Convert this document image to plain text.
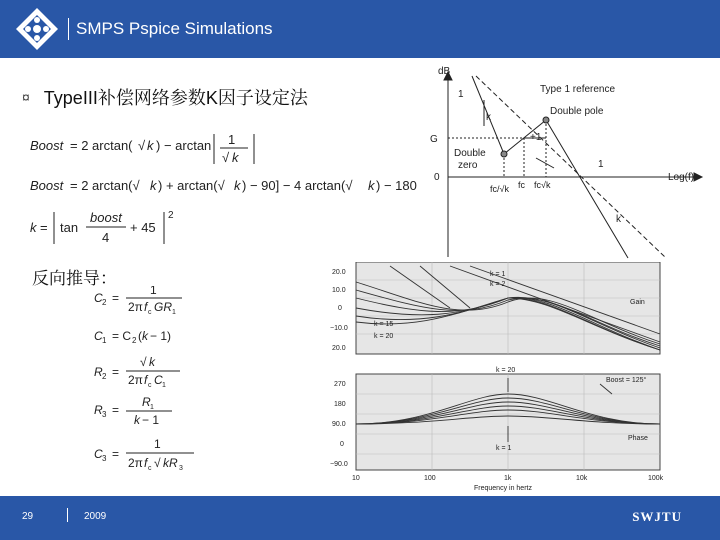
SMPS Pspice Simulations
¤ TypeIII补偿网络参数K因子设定法
Boost = 2 arctan( √ k ) − arctan 1
√ k
Boost = 2 arctan(√ k ) + arctan(√ k ) − 90] − 4 arctan(√ k ) − 180
k = tan
boost
4
+ 45
2
反向推导：
C 2 =
1
2π f c GR 1
C 1 = C 2 ( k − 1)
R 2 =
√ k
2π f c C 1
R 3 =
R 1
k − 1
C 3 =
1
2π f c √ kR 3
dB
1	Type 1 reference
Double pole
k
+1
G
Double
zero
0
1
Log(f)
fc/√k fc fc√k
k
20.0
10.0
0
−10.0
20.0
k = 1
k = 2
k = 15
k = 20
Gain
270
180
90.0
0
−90.0
k = 20
k = 1
Boost = 125°
Phase
10	100	1k	10k	100k
Frequency in hertz
29	2009	SWJTU
